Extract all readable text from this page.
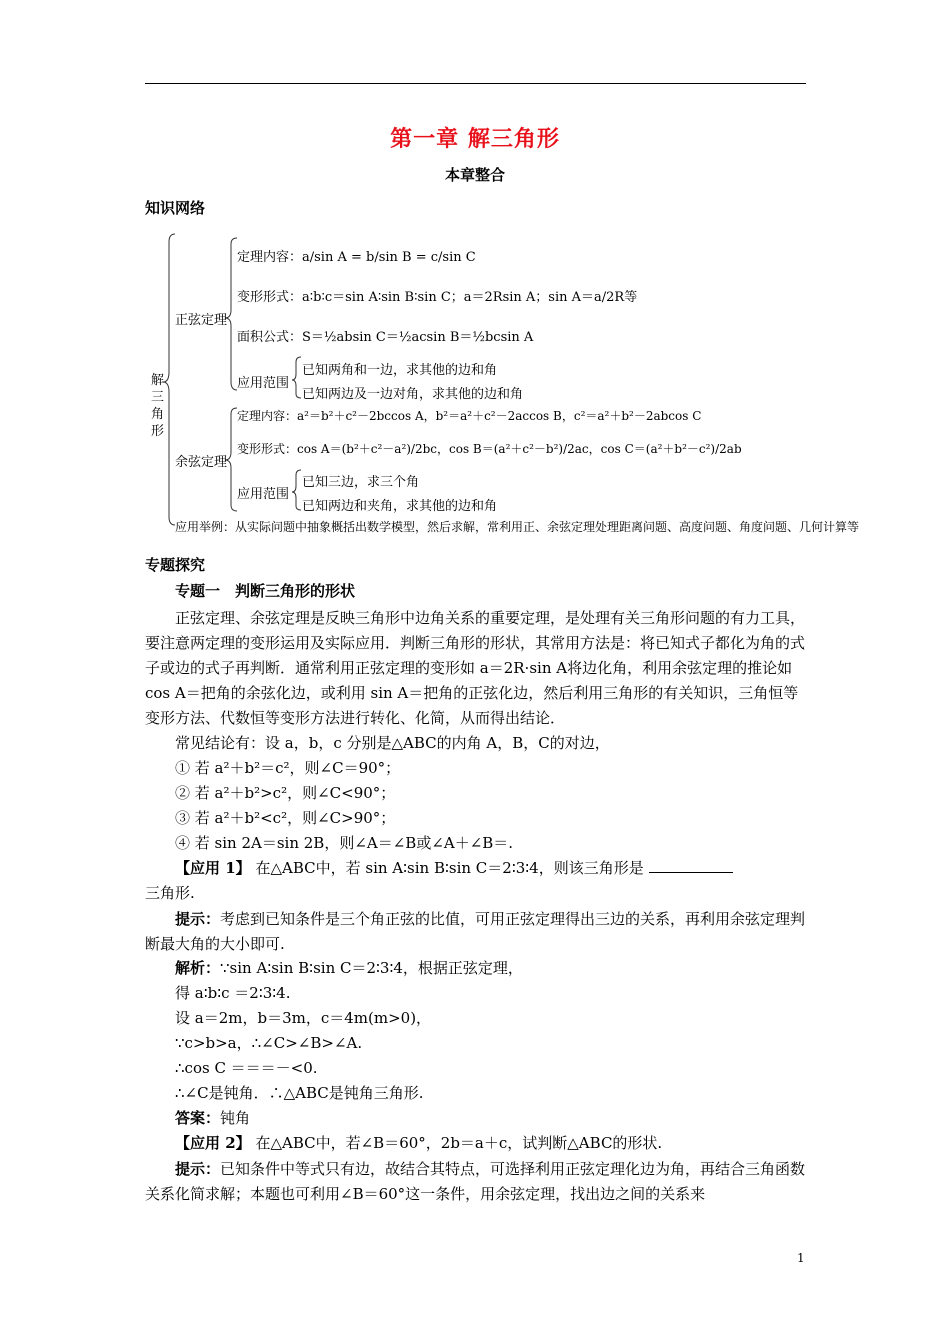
第一章 解三角形
本章整合
知识网络
解三角形
正弦定理
定理内容：a/sin A = b/sin B = c/sin C
变形形式：a∶b∶c＝sin A∶sin B∶sin C；a＝2Rsin A；sin A＝a/2R等
面积公式：S＝½absin C＝½acsin B＝½bcsin A
应用范围
已知两角和一边，求其他的边和角
已知两边及一边对角，求其他的边和角
余弦定理
定理内容：a²＝b²＋c²－2bccos A，b²＝a²＋c²－2accos B，c²＝a²＋b²－2abcos C
变形形式：cos A＝(b²＋c²－a²)/2bc，cos B＝(a²＋c²－b²)/2ac，cos C＝(a²＋b²－c²)/2ab
应用范围
已知三边，求三个角
已知两边和夹角，求其他的边和角
应用举例：从实际问题中抽象概括出数学模型，然后求解，常利用正、余弦定理处理距离问题、高度问题、角度问题、几何计算等
专题探究
专题一　判断三角形的形状
正弦定理、余弦定理是反映三角形中边角关系的重要定理，是处理有关三角形问题的有力工具，要注意两定理的变形运用及实际应用．判断三角形的形状，其常用方法是：将已知式子都化为角的式子或边的式子再判断．通常利用正弦定理的变形如 a＝2R·sin A将边化角，利用余弦定理的推论如cos A＝把角的余弦化边，或利用 sin A＝把角的正弦化边，然后利用三角形的有关知识，三角恒等变形方法、代数恒等变形方法进行转化、化简，从而得出结论．
常见结论有：设 a，b，c 分别是△ABC的内角 A，B，C的对边，
① 若 a²＋b²＝c²，则∠C＝90°；
② 若 a²＋b²>c²，则∠C<90°；
③ 若 a²＋b²<c²，则∠C>90°；
④ 若 sin 2A＝sin 2B，则∠A＝∠B或∠A＋∠B＝.
【应用 1】 在△ABC中，若 sin A∶sin B∶sin C＝2∶3∶4，则该三角形是
三角形.
提示：考虑到已知条件是三个角正弦的比值，可用正弦定理得出三边的关系，再利用余弦定理判断最大角的大小即可.
解析：∵sin A∶sin B∶sin C＝2∶3∶4，根据正弦定理，
得 a∶b∶c ＝2∶3∶4.
设 a＝2m，b＝3m，c＝4m(m>0)，
∵c>b>a，∴∠C>∠B>∠A.
∴cos C ＝＝＝－<0.
∴∠C是钝角．∴△ABC是钝角三角形.
答案：钝角
【应用 2】 在△ABC中，若∠B＝60°，2b＝a＋c，试判断△ABC的形状.
提示：已知条件中等式只有边，故结合其特点，可选择利用正弦定理化边为角，再结合三角函数关系化简求解；本题也可利用∠B＝60°这一条件，用余弦定理，找出边之间的关系来
1
